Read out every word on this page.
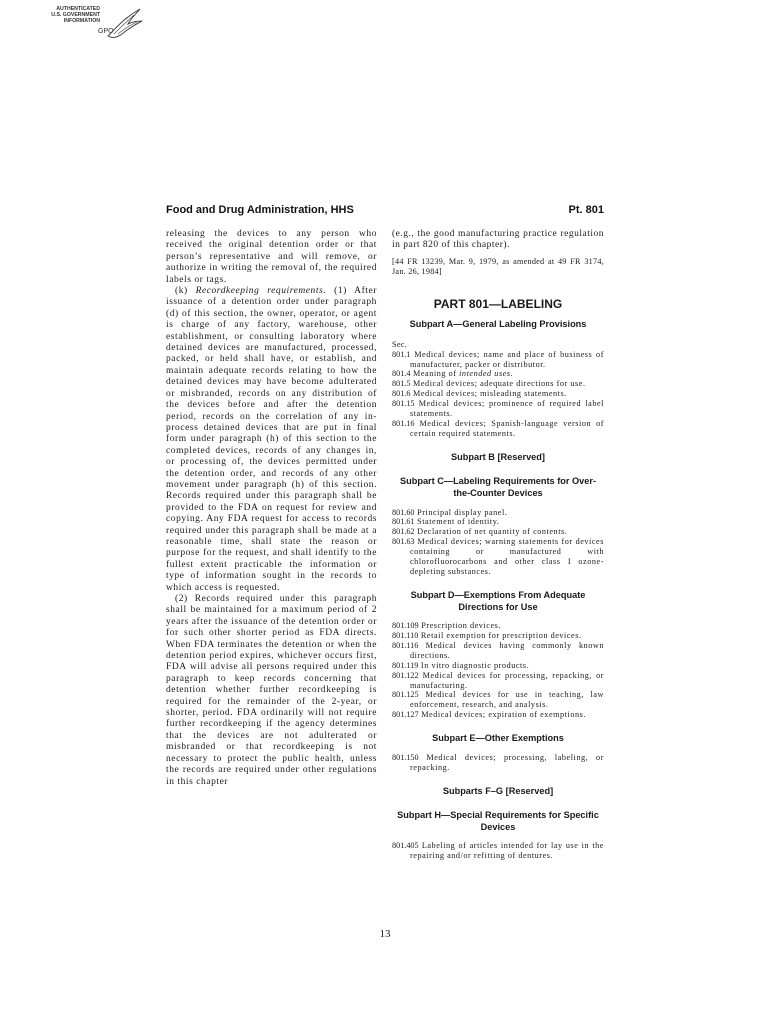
AUTHENTICATED
U.S. GOVERNMENT
INFORMATION
GPO
Food and Drug Administration, HHS	Pt. 801

releasing the devices to any person who received the original detention order or that person’s representative and will remove, or authorize in writing the removal of, the required labels or tags.

(k) Recordkeeping requirements. (1) After issuance of a detention order under paragraph (d) of this section, the owner, operator, or agent is charge of any factory, warehouse, other establishment, or consulting laboratory where detained devices are manufactured, processed, packed, or held shall have, or establish, and maintain adequate records relating to how the detained devices may have become adulterated or misbranded, records on any distribution of the devices before and after the detention period, records on the correlation of any in-process detained devices that are put in final form under paragraph (h) of this section to the completed devices, records of any changes in, or processing of, the devices permitted under the detention order, and records of any other movement under paragraph (h) of this section. Records required under this paragraph shall be provided to the FDA on request for review and copying. Any FDA request for access to records required under this paragraph shall be made at a reasonable time, shall state the reason or purpose for the request, and shall identify to the fullest extent practicable the information or type of information sought in the records to which access is requested.

(2) Records required under this paragraph shall be maintained for a maximum period of 2 years after the issuance of the detention order or for such other shorter period as FDA directs. When FDA terminates the detention or when the detention period expires, whichever occurs first, FDA will advise all persons required under this paragraph to keep records concerning that detention whether further recordkeeping is required for the remainder of the 2-year, or shorter, period. FDA ordinarily will not require further recordkeeping if the agency determines that the devices are not adulterated or misbranded or that recordkeeping is not necessary to protect the public health, unless the records are required under other regulations in this chapter

(e.g., the good manufacturing practice regulation in part 820 of this chapter).

[44 FR 13239, Mar. 9, 1979, as amended at 49 FR 3174, Jan. 26, 1984]

PART 801—LABELING
Subpart A—General Labeling Provisions
Sec.
801.1 Medical devices; name and place of business of manufacturer, packer or distributor.
801.4 Meaning of intended uses.
801.5 Medical devices; adequate directions for use.
801.6 Medical devices; misleading statements.
801.15 Medical devices; prominence of required label statements.
801.16 Medical devices; Spanish-language version of certain required statements.
Subpart B [Reserved]
Subpart C—Labeling Requirements for Over-the-Counter Devices
801.60 Principal display panel.
801.61 Statement of identity.
801.62 Declaration of net quantity of contents.
801.63 Medical devices; warning statements for devices containing or manufactured with chlorofluorocarbons and other class I ozone-depleting substances.
Subpart D—Exemptions From Adequate Directions for Use
801.109 Prescription devices.
801.110 Retail exemption for prescription devices.
801.116 Medical devices having commonly known directions.
801.119 In vitro diagnostic products.
801.122 Medical devices for processing, repacking, or manufacturing.
801.125 Medical devices for use in teaching, law enforcement, research, and analysis.
801.127 Medical devices; expiration of exemptions.
Subpart E—Other Exemptions
801.150 Medical devices; processing, labeling, or repacking.
Subparts F–G [Reserved]
Subpart H—Special Requirements for Specific Devices
801.405 Labeling of articles intended for lay use in the repairing and/or refitting of dentures.
13
